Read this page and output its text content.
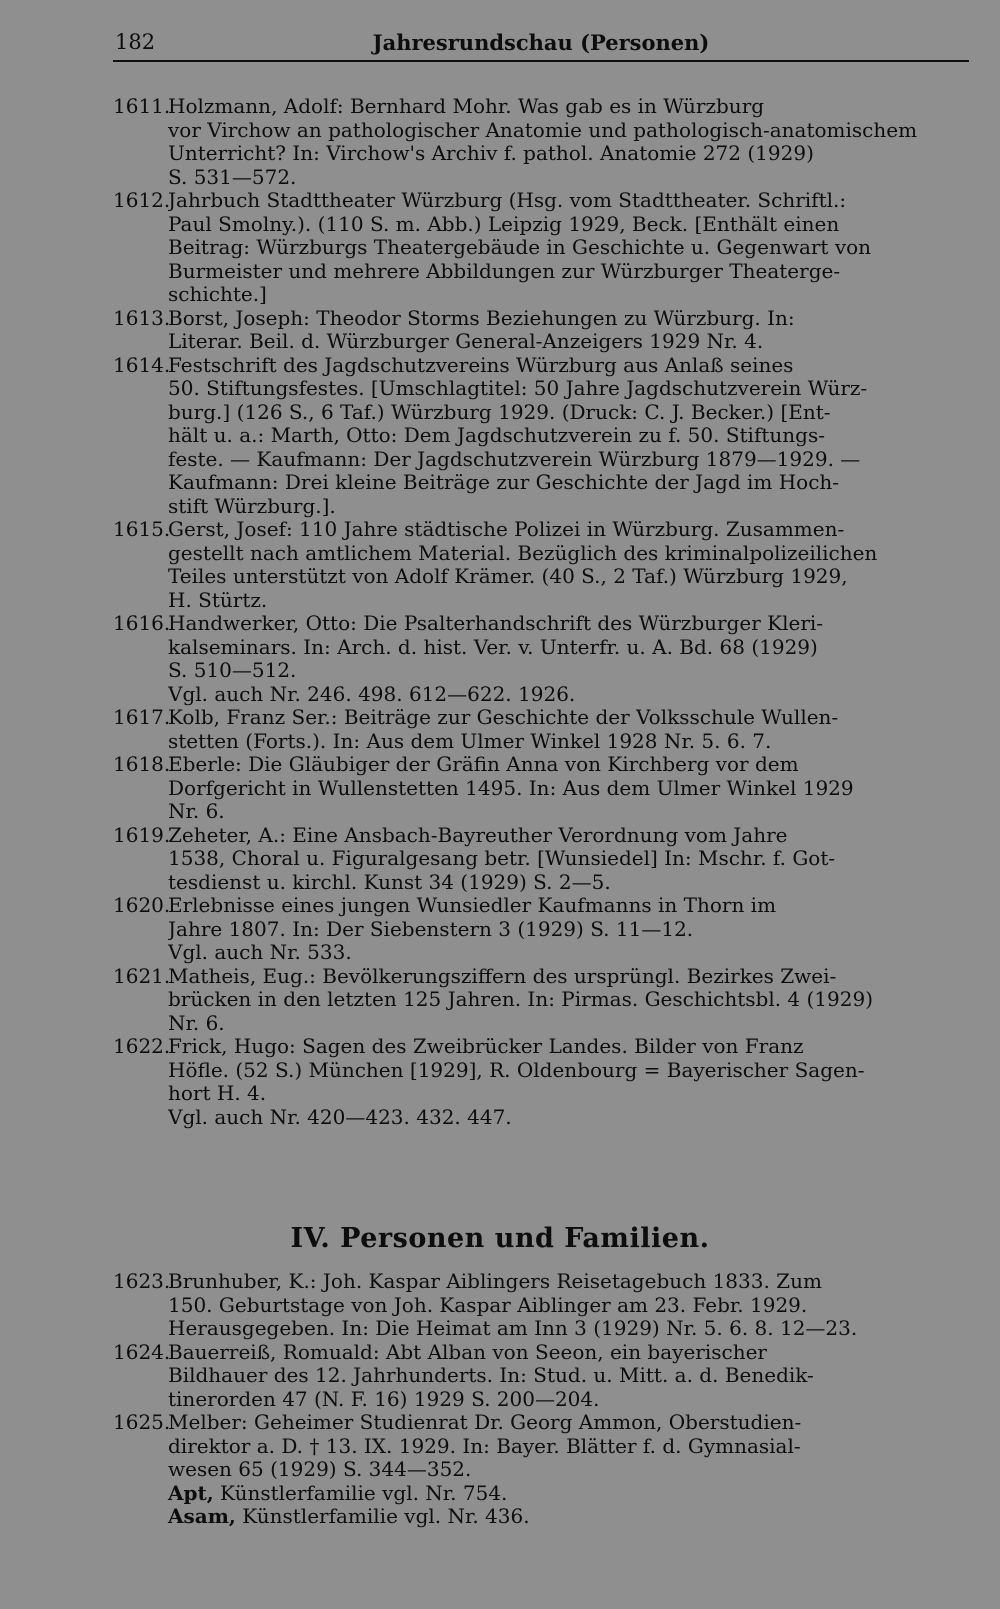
182	Jahresrundschau (Personen)
1611.
Holzmann, Adolf: Bernhard Mohr. Was gab es in Würzburg
vor Virchow an pathologischer Anatomie und pathologisch-anatomischem
Unterricht? In: Virchow's Archiv f. pathol. Anatomie 272 (1929)
S. 531—572.
1612.
Jahrbuch Stadttheater Würzburg (Hsg. vom Stadttheater. Schriftl.:
Paul Smolny.). (110 S. m. Abb.) Leipzig 1929, Beck. [Enthält einen
Beitrag: Würzburgs Theatergebäude in Geschichte u. Gegenwart von
Burmeister und mehrere Abbildungen zur Würzburger Theaterge-
schichte.]
1613.
Borst, Joseph: Theodor Storms Beziehungen zu Würzburg. In:
Literar. Beil. d. Würzburger General-Anzeigers 1929 Nr. 4.
1614.
Festschrift des Jagdschutzvereins Würzburg aus Anlaß seines
50. Stiftungsfestes. [Umschlagtitel: 50 Jahre Jagdschutzverein Würz-
burg.] (126 S., 6 Taf.) Würzburg 1929. (Druck: C. J. Becker.) [Ent-
hält u. a.: Marth, Otto: Dem Jagdschutzverein zu f. 50. Stiftungs-
feste. — Kaufmann: Der Jagdschutzverein Würzburg 1879—1929. —
Kaufmann: Drei kleine Beiträge zur Geschichte der Jagd im Hoch-
stift Würzburg.].
1615.
Gerst, Josef: 110 Jahre städtische Polizei in Würzburg. Zusammen-
gestellt nach amtlichem Material. Bezüglich des kriminalpolizeilichen
Teiles unterstützt von Adolf Krämer. (40 S., 2 Taf.) Würzburg 1929,
H. Stürtz.
1616.
Handwerker, Otto: Die Psalterhandschrift des Würzburger Kleri-
kalseminars. In: Arch. d. hist. Ver. v. Unterfr. u. A. Bd. 68 (1929)
S. 510—512.
Vgl. auch Nr. 246. 498. 612—622. 1926.
1617.
Kolb, Franz Ser.: Beiträge zur Geschichte der Volksschule Wullen-
stetten (Forts.). In: Aus dem Ulmer Winkel 1928 Nr. 5. 6. 7.
1618.
Eberle: Die Gläubiger der Gräfin Anna von Kirchberg vor dem
Dorfgericht in Wullenstetten 1495. In: Aus dem Ulmer Winkel 1929
Nr. 6.
1619.
Zeheter, A.: Eine Ansbach-Bayreuther Verordnung vom Jahre
1538, Choral u. Figuralgesang betr. [Wunsiedel] In: Mschr. f. Got-
tesdienst u. kirchl. Kunst 34 (1929) S. 2—5.
1620.
Erlebnisse eines jungen Wunsiedler Kaufmanns in Thorn im
Jahre 1807. In: Der Siebenstern 3 (1929) S. 11—12.
Vgl. auch Nr. 533.
1621.
Matheis, Eug.: Bevölkerungsziffern des ursprüngl. Bezirkes Zwei-
brücken in den letzten 125 Jahren. In: Pirmas. Geschichtsbl. 4 (1929)
Nr. 6.
1622.
Frick, Hugo: Sagen des Zweibrücker Landes. Bilder von Franz
Höfle. (52 S.) München [1929], R. Oldenbourg = Bayerischer Sagen-
hort H. 4.
Vgl. auch Nr. 420—423. 432. 447.
IV. Personen und Familien.
1623.
Brunhuber, K.: Joh. Kaspar Aiblingers Reisetagebuch 1833. Zum
150. Geburtstage von Joh. Kaspar Aiblinger am 23. Febr. 1929.
Herausgegeben. In: Die Heimat am Inn 3 (1929) Nr. 5. 6. 8. 12—23.
1624.
Bauerreiß, Romuald: Abt Alban von Seeon, ein bayerischer
Bildhauer des 12. Jahrhunderts. In: Stud. u. Mitt. a. d. Benedik-
tinerorden 47 (N. F. 16) 1929 S. 200—204.
1625.
Melber: Geheimer Studienrat Dr. Georg Ammon, Oberstudien-
direktor a. D. † 13. IX. 1929. In: Bayer. Blätter f. d. Gymnasial-
wesen 65 (1929) S. 344—352.
Apt, Künstlerfamilie vgl. Nr. 754.
Asam, Künstlerfamilie vgl. Nr. 436.
